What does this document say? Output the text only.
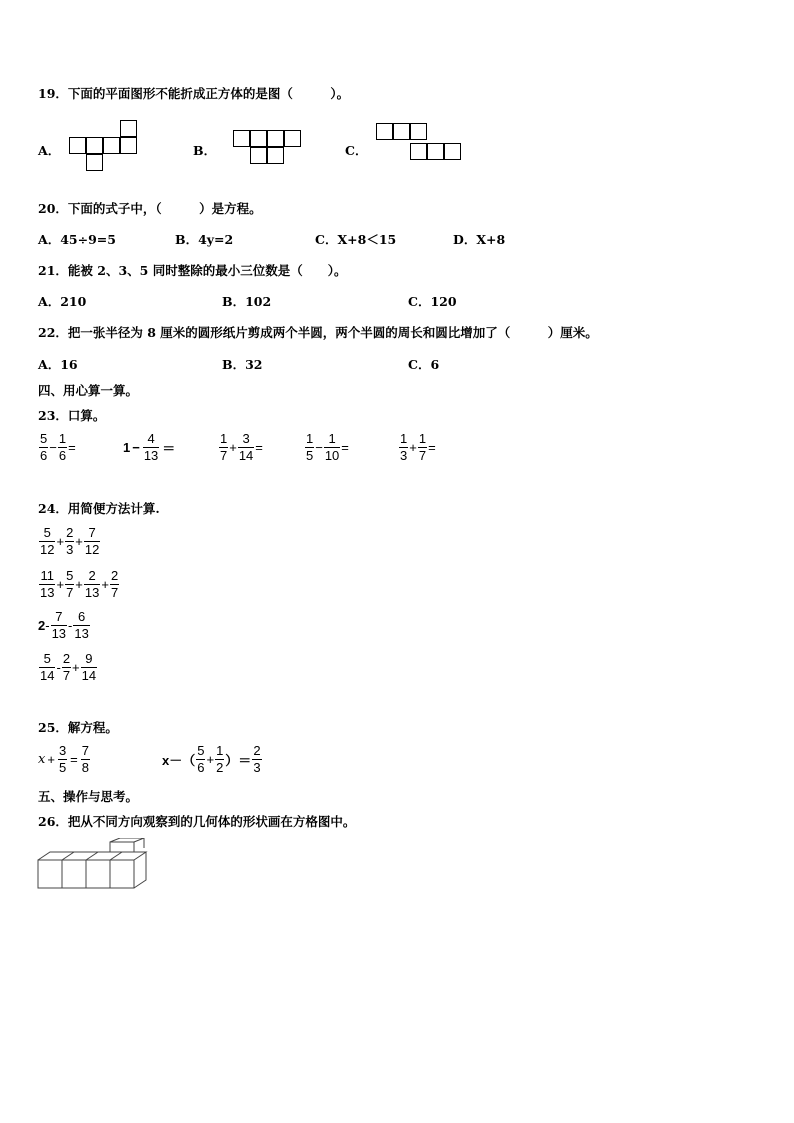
19．下面的平面图形不能折成正方体的是图（　　　）。
A．	B．	C．
20．下面的式子中，（　　　）是方程。
A．45÷9=5	B．4y=2	C．X+8＜15	D．X+8
21．能被 2、3、5 同时整除的最小三位数是（　　）。
A．210	B．102	C．120
22．把一张半径为 8 厘米的圆形纸片剪成两个半圆，两个半圆的周长和圆比增加了（　　　）厘米。
A．16	B．32	C．6
四、用心算一算。
23．口算。
$\frac{5}{6} - \frac{1}{6}$ =	$1 - \frac{4}{13}$ ＝	$\frac{1}{7} + \frac{3}{14}$ =	$\frac{1}{5} - \frac{1}{10}$ =	$\frac{1}{3} + \frac{1}{7}$ =
24．用简便方法计算.
$\frac{5}{12} + \frac{2}{3} + \frac{7}{12}$
$\frac{11}{13} + \frac{5}{7} + \frac{2}{13} + \frac{2}{7}$
$2 - \frac{7}{13} - \frac{6}{13}$
$\frac{5}{14} - \frac{2}{7} + \frac{9}{14}$
25．解方程。
$x + \frac{3}{5} = \frac{7}{8}$	$x-( \frac{5}{6} + \frac{1}{2}$ ）＝ $\frac{2}{3}$
五、操作与思考。
26．把从不同方向观察到的几何体的形状画在方格图中。
